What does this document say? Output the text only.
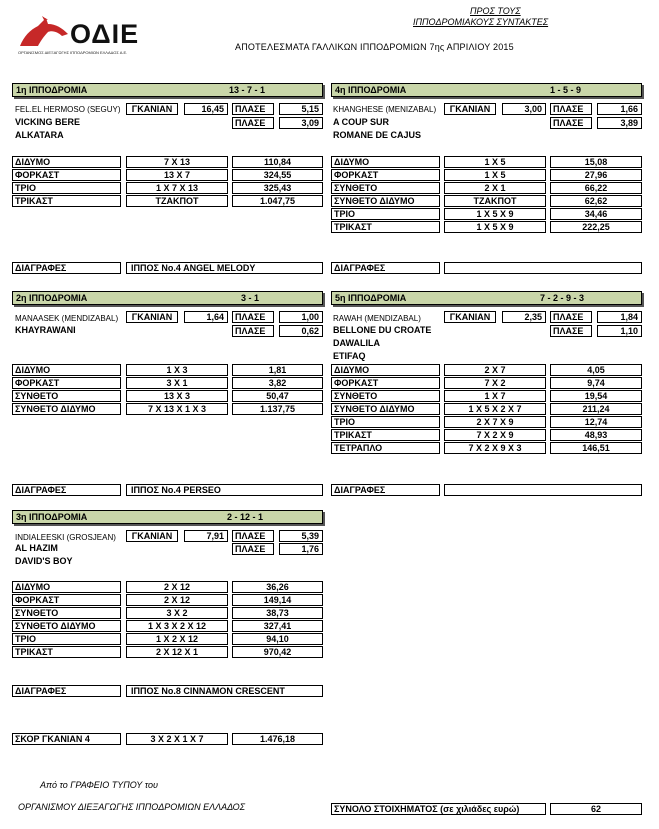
ΟΔΙΕ
ΟΡΓΑΝΙΣΜΟΣ ΔΙΕΞΑΓΩΓΗΣ ΙΠΠΟΔΡΟΜΙΩΝ ΕΛΛΑΔΟΣ Α.Ε.
ΠΡΟΣ ΤΟΥΣ
ΙΠΠΟΔΡΟΜΙΑΚΟΥΣ ΣΥΝΤΑΚΤΕΣ
ΑΠΟΤΕΛΕΣΜΑΤΑ ΓΑΛΛΙΚΩΝ ΙΠΠΟΔΡΟΜΙΩΝ 7ης ΑΠΡΙΛΙΟΥ 2015
1η ΙΠΠΟΔΡΟΜΙΑ	13 - 7 - 1
FEL.EL HERMOSO (SEGUY)	ΓΚΑΝΙΑΝ	16,45	ΠΛΑΣΕ	5,15
VICKING BERE	ΠΛΑΣΕ	3,09
ALKATARA
ΔΙΔΥΜΟ	7 X 13	110,84
ΦΟΡΚΑΣΤ	13 X 7	324,55
ΤΡΙΟ	1 X 7 X 13	325,43
ΤΡΙΚΑΣΤ	ΤΖΑΚΠΟΤ	1.047,75
ΔΙΑΓΡΑΦΕΣ	ΙΠΠΟΣ No.4 ANGEL MELODY
4η ΙΠΠΟΔΡΟΜΙΑ	1 - 5 - 9
KHANGHESE (MENIZABAL)	ΓΚΑΝΙΑΝ	3,00	ΠΛΑΣΕ	1,66
A COUP SUR	ΠΛΑΣΕ	3,89
ROMANE DE CAJUS
ΔΙΔΥΜΟ	1 X 5	15,08
ΦΟΡΚΑΣΤ	1 X 5	27,96
ΣΥΝΘΕΤΟ	2 X 1	66,22
ΣΥΝΘΕΤΟ ΔΙΔΥΜΟ	ΤΖΑΚΠΟΤ	62,62
ΤΡΙΟ	1 X 5 X 9	34,46
ΤΡΙΚΑΣΤ	1 X 5 X 9	222,25
ΔΙΑΓΡΑΦΕΣ
2η ΙΠΠΟΔΡΟΜΙΑ	3 - 1
MANAASEK (MENDIZABAL)	ΓΚΑΝΙΑΝ	1,64	ΠΛΑΣΕ	1,00
KHAYRAWANI	ΠΛΑΣΕ	0,62
ΔΙΔΥΜΟ	1 X 3	1,81
ΦΟΡΚΑΣΤ	3 X 1	3,82
ΣΥΝΘΕΤΟ	13 X 3	50,47
ΣΥΝΘΕΤΟ ΔΙΔΥΜΟ	7 X 13 X 1 X 3	1.137,75
ΔΙΑΓΡΑΦΕΣ	ΙΠΠΟΣ No.4 PERSEO
5η ΙΠΠΟΔΡΟΜΙΑ	7 - 2 - 9 - 3
RAWAH (MENDIZABAL)	ΓΚΑΝΙΑΝ	2,35	ΠΛΑΣΕ	1,84
BELLONE DU CROATE	ΠΛΑΣΕ	1,10
DAWALILA
ETIFAQ
ΔΙΔΥΜΟ	2 X 7	4,05
ΦΟΡΚΑΣΤ	7 X 2	9,74
ΣΥΝΘΕΤΟ	1 X 7	19,54
ΣΥΝΘΕΤΟ ΔΙΔΥΜΟ	1 X 5 X 2 X 7	211,24
ΤΡΙΟ	2 X 7 X 9	12,74
ΤΡΙΚΑΣΤ	7 X 2 X 9	48,93
ΤΕΤΡΑΠΛΟ	7 X 2 X 9 X 3	146,51
ΔΙΑΓΡΑΦΕΣ
3η ΙΠΠΟΔΡΟΜΙΑ	2 - 12 - 1
INDIALEESKI (GROSJEAN)	ΓΚΑΝΙΑΝ	7,91	ΠΛΑΣΕ	5,39
AL HAZIM	ΠΛΑΣΕ	1,76
DAVID'S BOY
ΔΙΔΥΜΟ	2 X 12	36,26
ΦΟΡΚΑΣΤ	2 X 12	149,14
ΣΥΝΘΕΤΟ	3 X 2	38,73
ΣΥΝΘΕΤΟ ΔΙΔΥΜΟ	1 X 3 X 2 X 12	327,41
ΤΡΙΟ	1 X 2 X 12	94,10
ΤΡΙΚΑΣΤ	2 X 12 X 1	970,42
ΔΙΑΓΡΑΦΕΣ	ΙΠΠΟΣ No.8 CINNAMON CRESCENT
ΣΚΟΡ ΓΚΑΝΙΑΝ 4	3 X 2 X 1 X 7	1.476,18
Από το ΓΡΑΦΕΙΟ ΤΥΠΟΥ του
ΟΡΓΑΝΙΣΜΟΥ ΔΙΕΞΑΓΩΓΗΣ ΙΠΠΟΔΡΟΜΙΩΝ ΕΛΛΑΔΟΣ	ΣΥΝΟΛΟ ΣΤΟΙΧΗΜΑΤΟΣ (σε χιλιάδες ευρώ)	62
